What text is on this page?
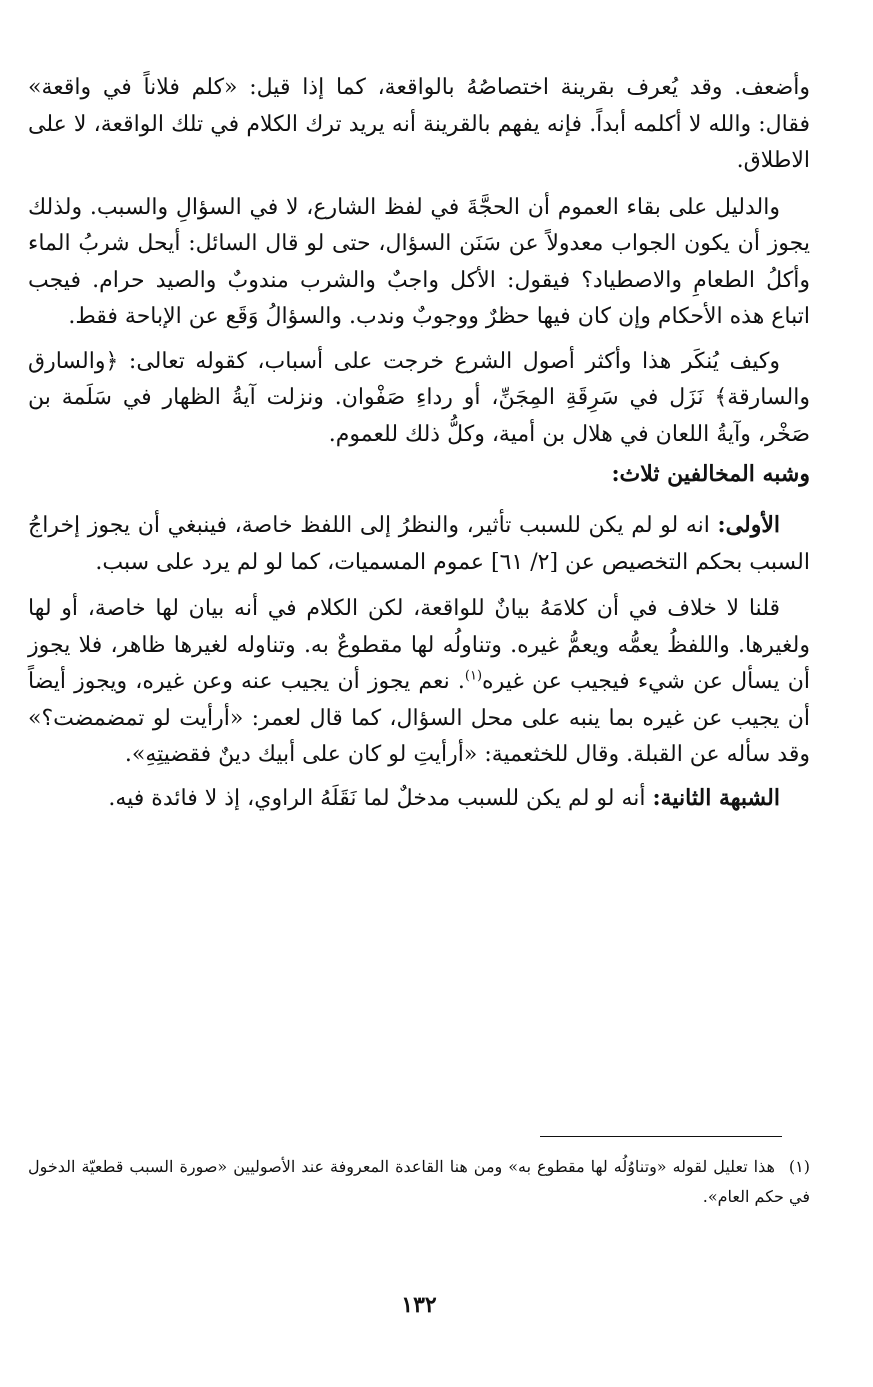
وأضعف. وقد يُعرف بقرينة اختصاصُهُ بالواقعة، كما إذا قيل: «كلم فلاناً في واقعة» فقال: والله لا أكلمه أبداً. فإنه يفهم بالقرينة أنه يريد ترك الكلام في تلك الواقعة، لا على الاطلاق.

والدليل على بقاء العموم أن الحجَّةَ في لفظ الشارع، لا في السؤالِ والسبب. ولذلك يجوز أن يكون الجواب معدولاً عن سَنَن السؤال، حتى لو قال السائل: أيحل شربُ الماء وأكلُ الطعامِ والاصطياد؟ فيقول: الأكل واجبٌ والشرب مندوبٌ والصيد حرام. فيجب اتباع هذه الأحكام وإن كان فيها حظرٌ ووجوبٌ وندب. والسؤالُ وَقَع عن الإباحة فقط.

وكيف يُنكَر هذا وأكثر أصول الشرع خرجت على أسباب، كقوله تعالى: ﴿والسارق والسارقة﴾ نَزَل في سَرِقَةِ المِجَنِّ، أو رداءِ صَفْوان. ونزلت آيةُ الظهار في سَلَمة بن صَخْر، وآيةُ اللعان في هلال بن أمية، وكلُّ ذلك للعموم.

وشبه المخالفين ثلاث:

الأولى: انه لو لم يكن للسبب تأثير، والنظرُ إلى اللفظ خاصة، فينبغي أن يجوز إخراجُ السبب بحكم التخصيص عن [٢/ ٦١] عموم المسميات، كما لو لم يرد على سبب.

قلنا لا خلاف في أن كلامَهُ بيانٌ للواقعة، لكن الكلام في أنه بيان لها خاصة، أو لها ولغيرها. واللفظُ يعمُّه ويعمُّ غيره. وتناولُه لها مقطوعٌ به. وتناوله لغيرها ظاهر، فلا يجوز أن يسأل عن شيء فيجيب عن غيره$^{(١)}$. نعم يجوز أن يجيب عنه وعن غيره، ويجوز أيضاً أن يجيب عن غيره بما ينبه على محل السؤال، كما قال لعمر: «أرأيت لو تمضمضت؟» وقد سأله عن القبلة. وقال للخثعمية: «أرأيتِ لو كان على أبيك دينٌ فقضيتِهِ».

الشبهة الثانية: أنه لو لم يكن للسبب مدخلٌ لما نَقَلَهُ الراوي، إذ لا فائدة فيه.

(١)هذا تعليل لقوله «وتناوُلُه لها مقطوع به» ومن هنا القاعدة المعروفة عند الأصوليين «صورة السبب قطعيّة الدخول في حكم العام».

١٣٢
